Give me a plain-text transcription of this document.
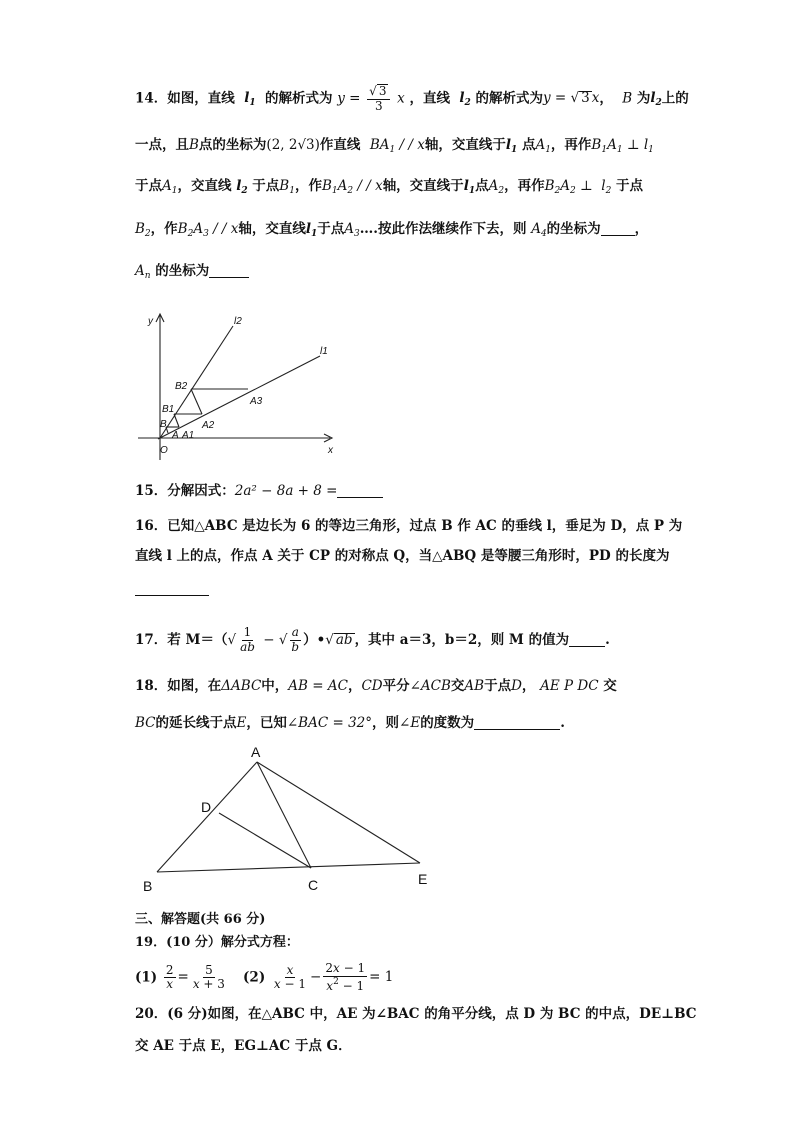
14．如图，直线 $l_1$ 的解析式为 $y = \frac{√ 3}{3}$ x ，直线 $l_2$ 的解析式为y = √ 3 x， B 为$l_2$上的
一点，且B点的坐标为(2, 2√3)作直线 $BA_1$ / / x轴，交直线于$l_1$ 点$A_1$，再作$B_1A_1$ ⊥ $l_1$
于点$A_1$，交直线 $l_2$ 于点$B_1$，作$B_1A_2$ / / x轴，交直线于$l_1$点$A_2$，再作$B_2A_2$ ⊥  $l_2$ 于点
$B_2$，作$B_2A_3$ / / x轴，交直线$l_1$于点$A_3\dots$.按此作法继续作下去，则 $A_4$的坐标为	，
$A_n$ 的坐标为
y	l2
l1
B2
A3
B1
B	A2
A1
A
O	x
15．分解因式：2a² − 8a + 8 =
16．已知△ABC 是边长为 6 的等边三角形，过点 B 作 AC 的垂线 l，垂足为 D，点 P 为
直线 l 上的点，作点 A 关于 CP 的对称点 Q，当△ABQ 是等腰三角形时，PD 的长度为
17．若 $M=(√ \frac{1}{ab}$ − √ $\frac{a}{b}$ ）•√ ab ，其中 a＝3，b＝2，则 M 的值为	.
18．如图，在ΔABC中，AB = AC，CD平分∠ACB交AB于点D， AE P DC 交
BC的延长线于点E，已知∠BAC = 32°，则∠E的度数为	.
A
D
B	C	E
三、解答题(共 66 分)
19．(10 分）解分式方程：
$(1) \frac{2}{x} = \frac{5}{x + 3} (2) \frac{x}{x - 1} - \frac{2x - 1}{x^2 - 1} = 1$
20．(6 分)如图，在△ABC 中，AE 为∠BAC 的角平分线，点 D 为 BC 的中点，DE⊥BC
交 AE 于点 E，EG⊥AC 于点 G．
